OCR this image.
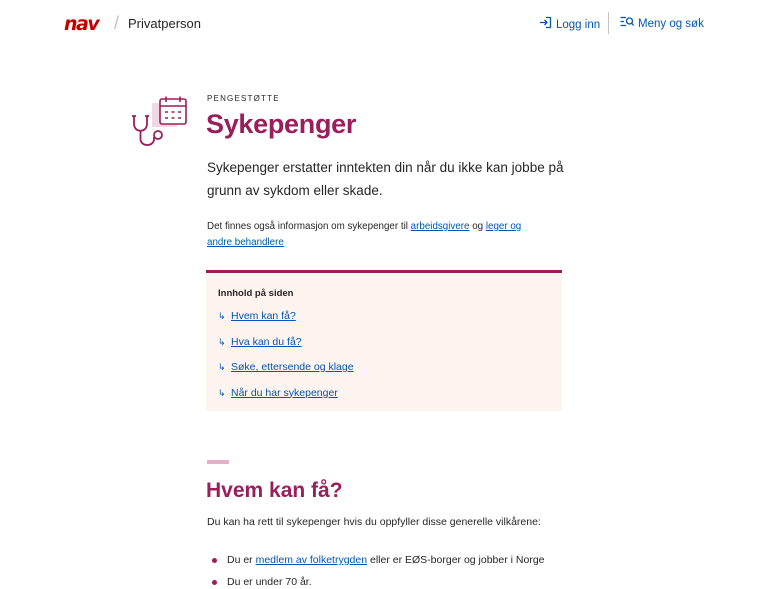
nav / Privatperson	Logg inn	Meny og søk
PENGESTØTTE
Sykepenger

Sykepenger erstatter inntekten din når du ikke kan jobbe på grunn av sykdom eller skade.

Det finnes også informasjon om sykepenger til arbeidsgivere og leger og andre behandlere

Innhold på siden
↳ Hvem kan få?
↳ Hva kan du få?
↳ Søke, ettersende og klage
↳ Når du har sykepenger
Hvem kan få?

Du kan ha rett til sykepenger hvis du oppfyller disse generelle vilkårene:

Du er medlem av folketrygden eller er EØS-borger og jobber i Norge
Du er under 70 år.
